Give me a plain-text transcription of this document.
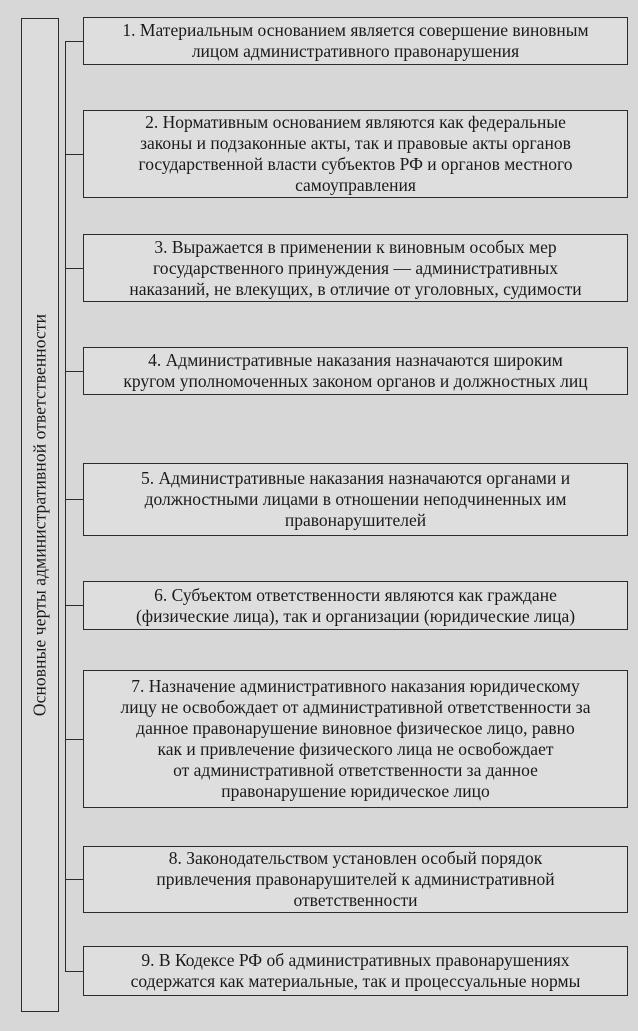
Основные черты административной ответственности
1. Материальным основанием является совершение виновным
лицом административного правонарушения
2. Нормативным основанием являются как федеральные
законы и подзаконные акты, так и правовые акты органов
государственной власти субъектов РФ и органов местного
самоуправления
3. Выражается в применении к виновным особых мер
государственного принуждения — административных
наказаний, не влекущих, в отличие от уголовных, судимости
4. Административные наказания назначаются широким
кругом уполномоченных законом органов и должностных лиц
5. Административные наказания назначаются органами и
должностными лицами в отношении неподчиненных им
правонарушителей
6. Субъектом ответственности являются как граждане
(физические лица), так и организации (юридические лица)
7. Назначение административного наказания юридическому
лицу не освобождает от административной ответственности за
данное правонарушение виновное физическое лицо, равно
как и привлечение физического лица не освобождает
от административной ответственности за данное
правонарушение юридическое лицо
8. Законодательством установлен особый порядок
привлечения правонарушителей к административной
ответственности
9. В Кодексе РФ об административных правонарушениях
содержатся как материальные, так и процессуальные нормы
